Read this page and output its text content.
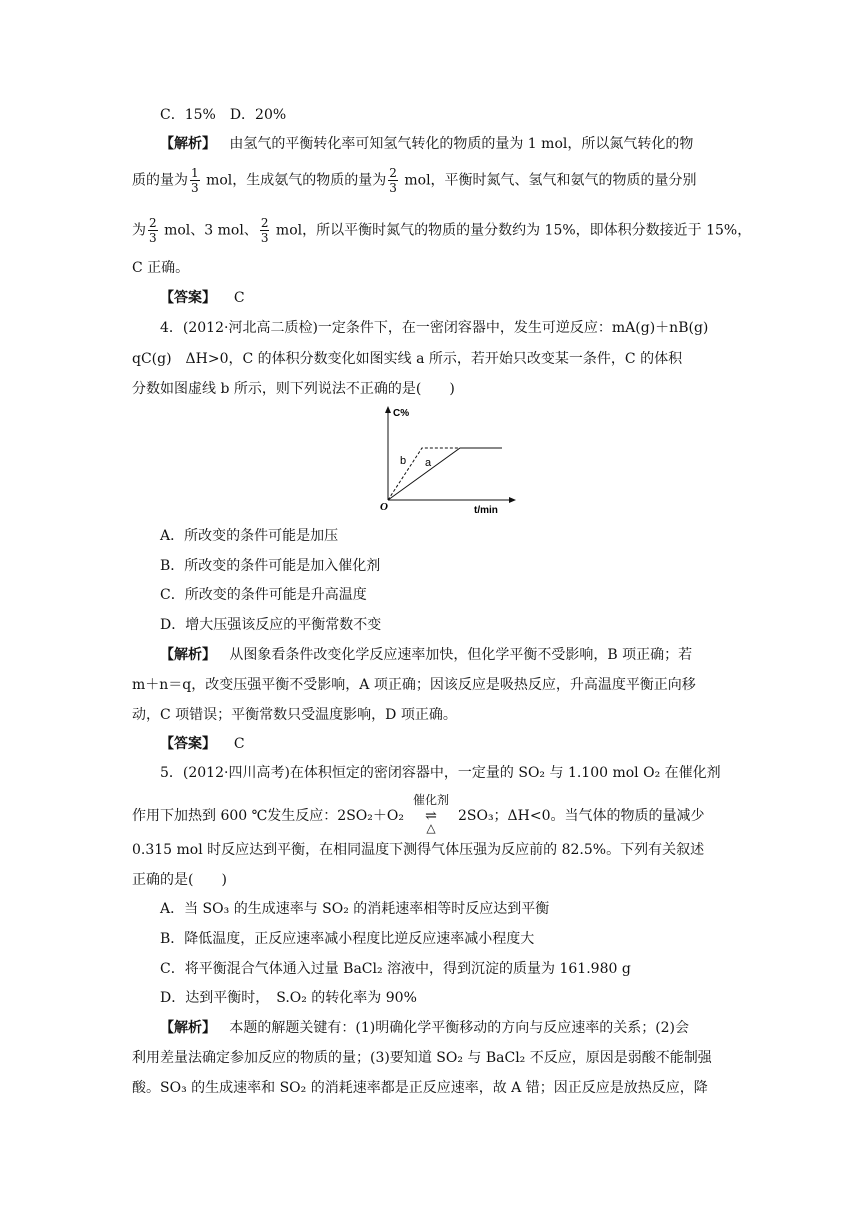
C．15%　D．20%
【解析】 由氢气的平衡转化率可知氢气转化的物质的量为 1 mol，所以氮气转化的物
质的量为 $\frac{1}{3}$ mol，生成氨气的物质的量为 $\frac{2}{3}$ mol，平衡时氮气、氢气和氨气的物质的量分别
为 $\frac{2}{3}$ mol、3 mol、 $\frac{2}{3}$ mol，所以平衡时氮气的物质的量分数约为 15%，即体积分数接近于 15%，
C 正确。
【答案】 C
4．(2012·河北高二质检)一定条件下，在一密闭容器中，发生可逆反应：mA(g)＋nB(g)
qC(g)　ΔH>0，C 的体积分数变化如图实线 a 所示，若开始只改变某一条件，C 的体积
分数如图虚线 b 所示，则下列说法不正确的是(　　)
C%
O	t/min
a
b
A．所改变的条件可能是加压
B．所改变的条件可能是加入催化剂
C．所改变的条件可能是升高温度
D．增大压强该反应的平衡常数不变
【解析】 从图象看条件改变化学反应速率加快，但化学平衡不受影响，B 项正确；若
m＋n＝q，改变压强平衡不受影响，A 项正确；因该反应是吸热反应，升高温度平衡正向移
动，C 项错误；平衡常数只受温度影响，D 项正确。
【答案】 C
5．(2012·四川高考)在体积恒定的密闭容器中，一定量的 SO₂ 与 1.100 mol O₂ 在催化剂
作用下加热到 600 ℃发生反应：2SO₂＋O₂
催化剂
⇌
△
2SO₃；ΔH<0。当气体的物质的量减少
0.315 mol 时反应达到平衡，在相同温度下测得气体压强为反应前的 82.5%。下列有关叙述
正确的是(　　)
A．当 SO₃ 的生成速率与 SO₂ 的消耗速率相等时反应达到平衡
B．降低温度，正反应速率减小程度比逆反应速率减小程度大
C．将平衡混合气体通入过量 BaCl₂ 溶液中，得到沉淀的质量为 161.980 g
D．达到平衡时，　S.O₂ 的转化率为 90%
【解析】 本题的解题关键有：(1)明确化学平衡移动的方向与反应速率的关系；(2)会
利用差量法确定参加反应的物质的量；(3)要知道 SO₂ 与 BaCl₂ 不反应，原因是弱酸不能制强
酸。SO₃ 的生成速率和 SO₂ 的消耗速率都是正反应速率，故 A 错；因正反应是放热反应，降
